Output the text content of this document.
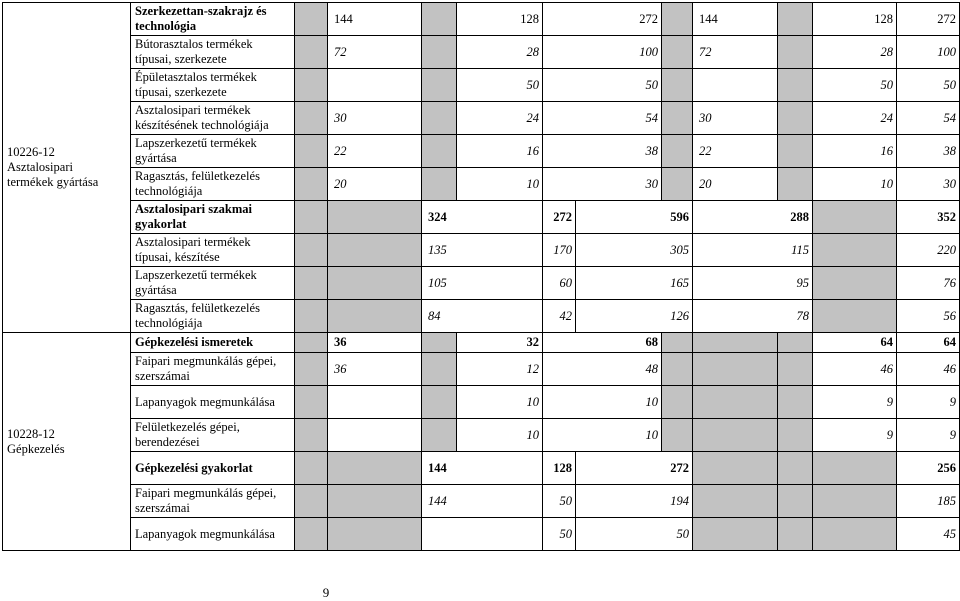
10226-12
Asztalosipari
termékek gyártása	Szerkezettan-szakrajz és technológia		144		128	272			144		128	272	
	Bútorasztalos termékek típusai, szerkezete		72		28	100			72		28	100	
	Épületasztalos termékek típusai, szerkezete				50	50					50	50	
	Asztalosipari termékek készítésének technológiája		30		24	54			30		24	54	
	Lapszerkezetű termékek gyártása		22		16	38			22		16	38	
	Ragasztás, felületkezelés technológiája		20		10	30			20		10	30	
	Asztalosipari szakmai gyakorlat			324		272	596		288			352	
	Asztalosipari termékek típusai, készítése			135		170	305		115			220	
	Lapszerkezetű termékek gyártása			105		60	165		95			76	
	Ragasztás, felületkezelés technológiája			84		42	126		78			56	
10228-12
Gépkezelés	Gépkezelési ismeretek		36		32	68					64	64	
	Faipari megmunkálás gépei, szerszámai		36		12	48					46	46	
	Lapanyagok megmunkálása				10	10					9	9	
	Felületkezelés gépei, berendezései				10	10					9	9	
	Gépkezelési gyakorlat			144		128	272					256	
	Faipari megmunkálás gépei, szerszámai			144		50	194					185	
	Lapanyagok megmunkálása					50	50					45	
9
